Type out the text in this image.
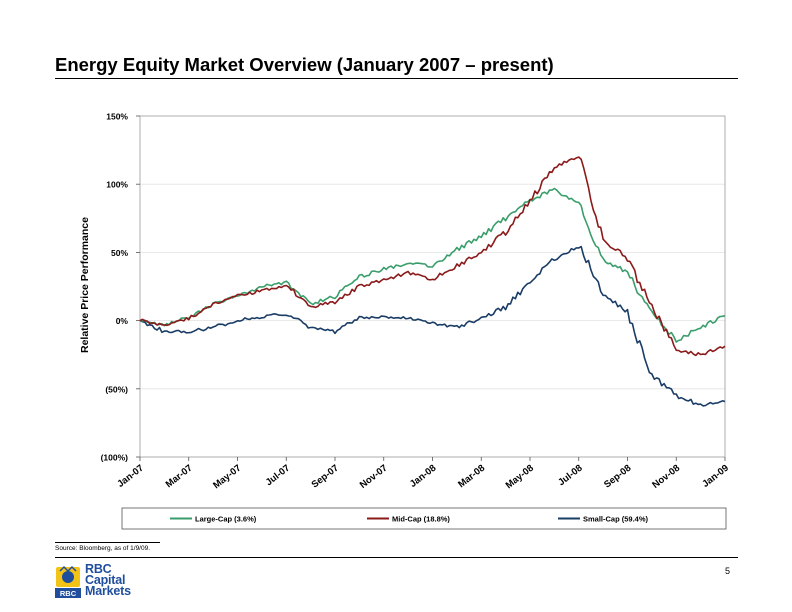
Energy Equity Market Overview (January 2007 – present)
Relative Price Performance
150%
100%
50%
0%
(50%)
(100%)
Jan-07 Mar-07 May-07 Jul-07 Sep-07 Nov-07 Jan-08 Mar-08 May-08 Jul-08 Sep-08 Nov-08 Jan-09
Large-Cap (3.6%)	Mid-Cap (18.8%)	Small-Cap (59.4%)
Source: Bloomberg, as of 1/9/09.
RBC
RBC
Capital
Markets
5
